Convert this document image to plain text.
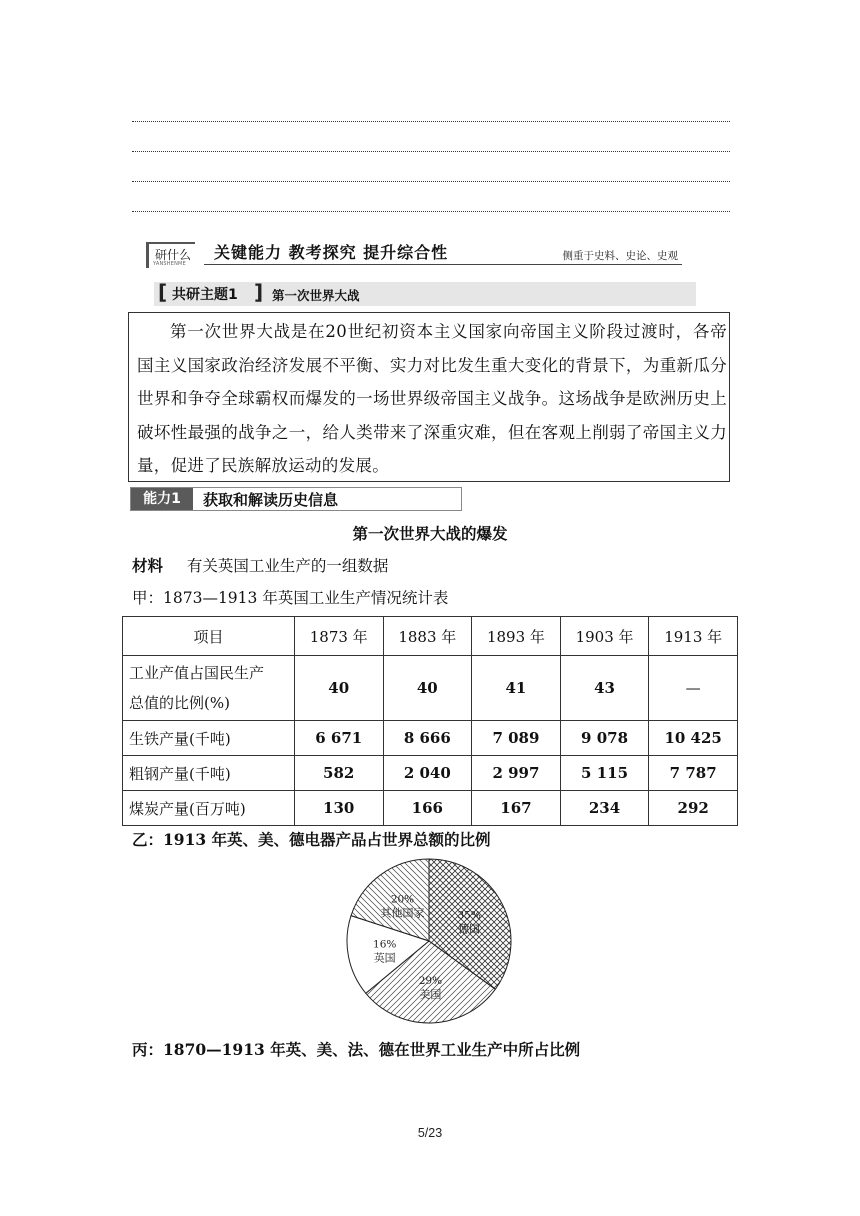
研什么
YANSHENME
关键能力 教考探究 提升综合性	侧重于史料、史论、史观
[ 共研主题1 ] 第一次世界大战

第一次世界大战是在20世纪初资本主义国家向帝国主义阶段过渡时，各帝国主义国家政治经济发展不平衡、实力对比发生重大变化的背景下，为重新瓜分世界和争夺全球霸权而爆发的一场世界级帝国主义战争。这场战争是欧洲历史上破坏性最强的战争之一，给人类带来了深重灾难，但在客观上削弱了帝国主义力量，促进了民族解放运动的发展。

能力1	获取和解读历史信息
第一次世界大战的爆发
材料 有关英国工业生产的一组数据
甲：1873—1913 年英国工业生产情况统计表
项目	1873 年	1883 年	1893 年	1903 年	1913 年

工业产值占国民生产
总值的比例(%)	40	40	41	43	—
生铁产量(千吨)	6 671	8 666	7 089	9 078	10 425
粗钢产量(千吨)	582	2 040	2 997	5 115	7 787
煤炭产量(百万吨)	130	166	167	234	292
乙：1913 年英、美、德电器产品占世界总额的比例
35%
德国
29%
美国
16%
英国
20%
其他国家
丙：1870—1913 年英、美、法、德在世界工业生产中所占比例
5/23
